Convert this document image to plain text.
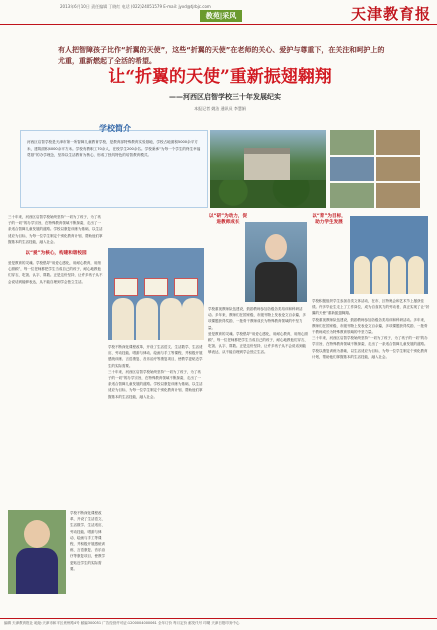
2013年6月10日 责任编辑 丁晓红 电话 (022)24051579 E-mail: jyxd@tjrbjc.com
教苑|采风	天津教育报
有人把智障孩子比作“折翼的天使”，这些“折翼的天使”在老师的关心、爱护与尊重下，在关注和呵护上的尤重，重新燃起了全活的希望。
让“折翼的天使”重新振翅翱翔
——河西区启智学校三十年发展纪实
本报记者 姚洁 通讯员 李慧娟
学校简介
河西区启智学校是天津市第一所智障儿童教育学校，是教育部特殊教育实验基地，学校占地面积5000余平方米，建筑面积4000余平方米。学校有教职工70余人，在校学生200余名。学校秉承“为每一个学生的终生幸福奠基”的办学理念，坚持以生活教育为核心，形成了独具特色的培智教育模式。
三十年来，河西区启智学校始终坚持“一切为了孩子，为了孩子的一切”的办学宗旨，在特殊教育领域不断探索，走出了一条适合智障儿童发展的道路。学校以康复训练为基础，以生活适应为目标，为每一位学生制定个别化教育计划，帮助他们掌握基本的生活技能，融入社会。
以“爱”为核心，构建和谐校园
爱是教育的灵魂。学校倡导“用爱心感化，用耐心教育，用细心照顾”，每一位老师都把学生当成自己的孩子，耐心地教他们穿衣、吃饭、认字、算数。正是这份坚持，让许多孩子从不会说话到能够表达，从不能自理到学会独立生活。
学校不断深化课程改革，开设了生活语文、生活数学、生活适应、劳动技能、唱游与律动、绘画与手工等课程，并积极开展感统训练、言语康复、音乐治疗等康复项目，使教学更贴近学生的实际需要。
学校不断深化课程改革，开设了生活语文、生活数学、生活适应、劳动技能、唱游与律动、绘画与手工等课程，并积极开展感统训练、言语康复、音乐治疗等康复项目，使教学更贴近学生的实际需要。
三十年来，河西区启智学校始终坚持“一切为了孩子，为了孩子的一切”的办学宗旨，在特殊教育领域不断探索，走出了一条适合智障儿童发展的道路。学校以康复训练为基础，以生活适应为目标，为每一位学生制定个别化教育计划，帮助他们掌握基本的生活技能，融入社会。
以“研”为动力，促进教师成长
学校重视教师队伍建设，鼓励教师参加各级各类培训和科研活动。多年来，教师们在国家级、市级刊物上发表论文百余篇，多项课题获得奖励，一批骨干教师成长为特殊教育领域的中坚力量。
爱是教育的灵魂。学校倡导“用爱心感化，用耐心教育，用细心照顾”，每一位老师都把学生当成自己的孩子，耐心地教他们穿衣、吃饭、认字、算数。正是这份坚持，让许多孩子从不会说话到能够表达，从不能自理到学会独立生活。
以“育”为目标，助力学生发展
学校积极组织学生参加各类文体活动，在市、区特奥会和艺术节上屡获佳绩。许多毕业生走上了工作岗位，成为自食其力的劳动者，真正实现了让“折翼的天使”重新振翅翱翔。
学校重视教师队伍建设，鼓励教师参加各级各类培训和科研活动。多年来，教师们在国家级、市级刊物上发表论文百余篇，多项课题获得奖励，一批骨干教师成长为特殊教育领域的中坚力量。
三十年来，河西区启智学校始终坚持“一切为了孩子，为了孩子的一切”的办学宗旨，在特殊教育领域不断探索，走出了一条适合智障儿童发展的道路。学校以康复训练为基础，以生活适应为目标，为每一位学生制定个别化教育计划，帮助他们掌握基本的生活技能，融入社会。
编辑 天津教育报社 地址:天津市和平区贵州路4号 邮编300051 广告经营许可证:1200004000061 全年订价 每月定价 邮发代号 印刷 天津日报印务中心
